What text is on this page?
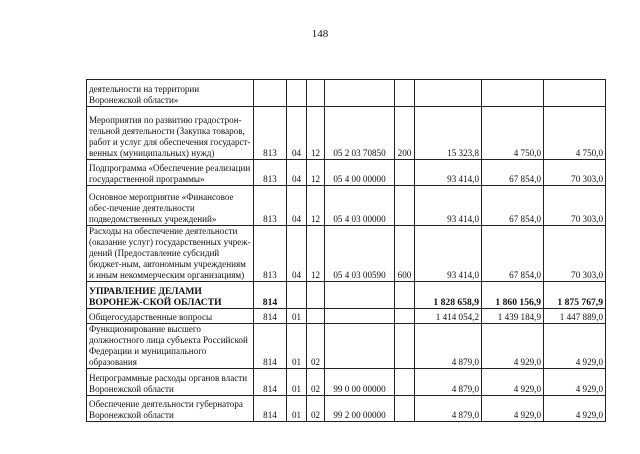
148
деятельности на территории Воронежской области»								
Мероприятия по развитию градострон-тельной деятельности (Закупка товаров, работ и услуг для обеспечения государст-венных (муниципальных) нужд)	813	04	12	05 2 03 70850	200	15 323,8	4 750,0	4 750,0
Подпрограмма «Обеспечение реализации государственной программы»	813	04	12	05 4 00 00000		93 414,0	67 854,0	70 303,0
Основное мероприятие «Финансовое обес-печение деятельности подведомственных учреждений»	813	04	12	05 4 03 00000		93 414,0	67 854,0	70 303,0
Расходы на обеспечение деятельности (оказание услуг) государственных учреж-дений (Предоставление субсидий бюджет-ным, автономным учреждениям и иным некоммерческим организациям)	813	04	12	05 4 03 00590	600	93 414,0	67 854,0	70 303,0
УПРАВЛЕНИЕ ДЕЛАМИ ВОРОНЕЖ-СКОЙ ОБЛАСТИ	814					1 828 658,9	1 860 156,9	1 875 767,9
Общегосударственные вопросы	814	01				1 414 054,2	1 439 184,9	1 447 889,0
Функционирование высшего должностного лица субъекта Российской Федерации и муниципального образования	814	01	02			4 879,0	4 929,0	4 929,0
Непрограммные расходы органов власти Воронежской области	814	01	02	99 0 00 00000		4 879,0	4 929,0	4 929,0
Обеспечение деятельности губернатора Воронежской области	814	01	02	99 2 00 00000		4 879,0	4 929,0	4 929,0
